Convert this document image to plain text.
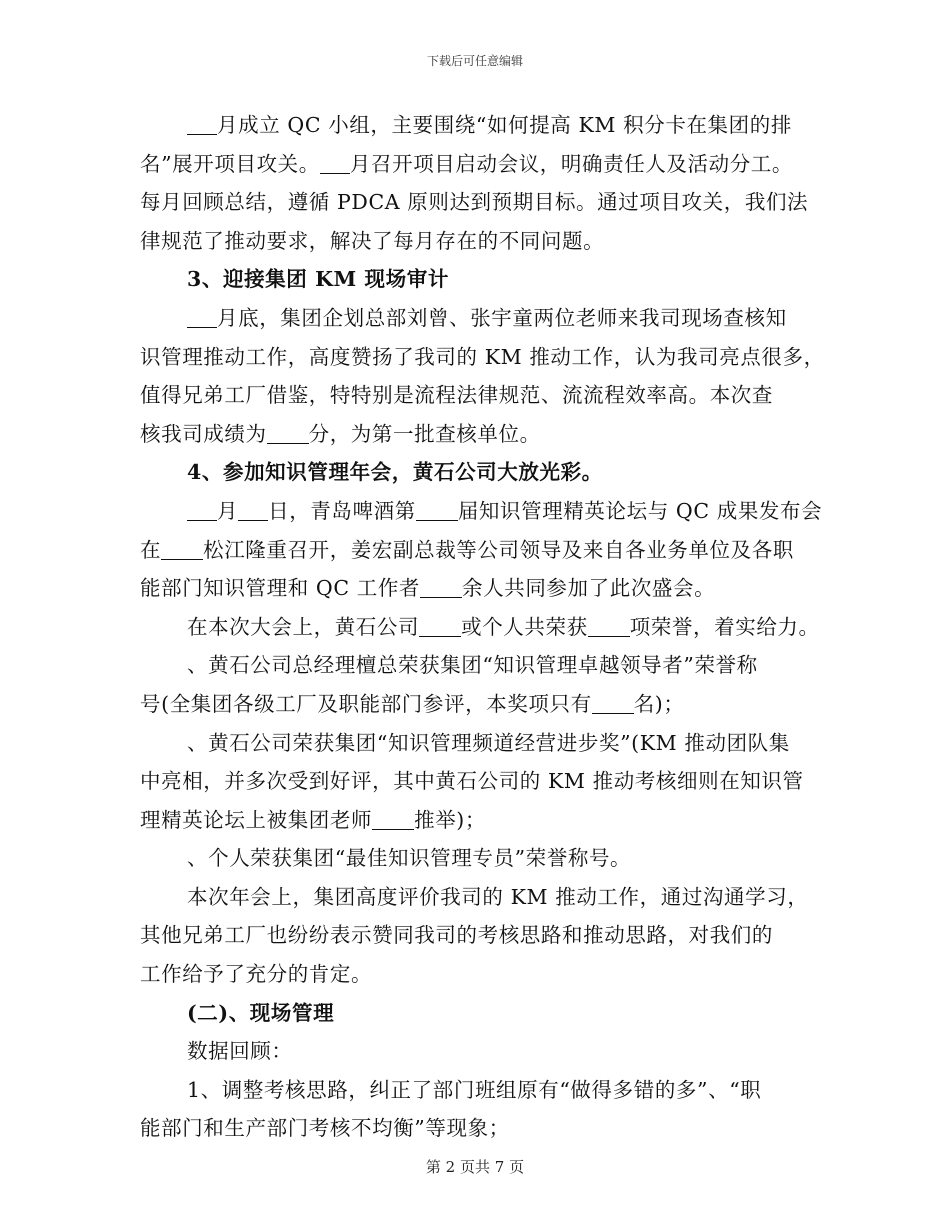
下载后可任意编辑

月成立 QC 小组，主要围绕“如何提高 KM 积分卡在集团的排

名”展开项目攻关。 月召开项目启动会议，明确责任人及活动分工。

每月回顾总结，遵循 PDCA 原则达到预期目标。通过项目攻关，我们法

律规范了推动要求，解决了每月存在的不同问题。

3、迎接集团 KM 现场审计

月底，集团企划总部刘曾、张宇童两位老师来我司现场查核知

识管理推动工作，高度赞扬了我司的 KM 推动工作，认为我司亮点很多，

值得兄弟工厂借鉴，特特别是流程法律规范、流流程效率高。本次查

核我司成绩为 分，为第一批查核单位。

4、参加知识管理年会，黄石公司大放光彩。

月 日，青岛啤酒第 届知识管理精英论坛与 QC 成果发布会

在 松江隆重召开，姜宏副总裁等公司领导及来自各业务单位及各职

能部门知识管理和 QC 工作者 余人共同参加了此次盛会。

在本次大会上，黄石公司 或个人共荣获 项荣誉，着实给力。

、黄石公司总经理檀总荣获集团“知识管理卓越领导者”荣誉称

号(全集团各级工厂及职能部门参评，本奖项只有 名)；

、黄石公司荣获集团“知识管理频道经营进步奖”(KM 推动团队集

中亮相，并多次受到好评，其中黄石公司的 KM 推动考核细则在知识管

理精英论坛上被集团老师 推举)；

、个人荣获集团“最佳知识管理专员”荣誉称号。

本次年会上，集团高度评价我司的 KM 推动工作，通过沟通学习，

其他兄弟工厂也纷纷表示赞同我司的考核思路和推动思路，对我们的

工作给予了充分的肯定。

(二)、现场管理

数据回顾：

1、调整考核思路，纠正了部门班组原有“做得多错的多”、“职

能部门和生产部门考核不均衡”等现象；

第 2 页共 7 页
